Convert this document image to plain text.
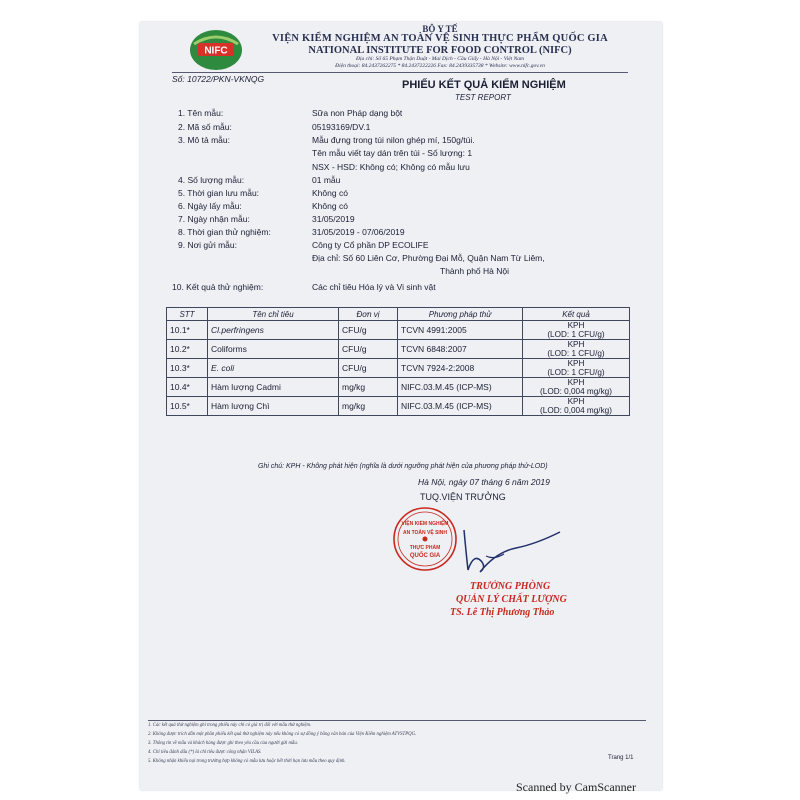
NIFC
BỘ Y TẾ
VIỆN KIỂM NGHIỆM AN TOÀN VỆ SINH THỰC PHẨM QUỐC GIA
NATIONAL INSTITUTE FOR FOOD CONTROL (NIFC)
Địa chỉ: Số 65 Phạm Thận Duật - Mai Dịch - Cầu Giấy - Hà Nội - Việt Nam
Điện thoại: 84.2437262275 * 84.2437222226 Fax: 84.2439335738 * Website: www.nifc.gov.vn
Số: 10722/PKN-VKNQG	PHIẾU KẾT QUẢ KIỂM NGHIỆM
TEST REPORT
1. Tên mẫu:	Sữa non Pháp dạng bột
2. Mã số mẫu:	05193169/DV.1
3. Mô tả mẫu:	Mẫu đựng trong túi nilon ghép mí, 150g/túi.
Tên mẫu viết tay dán trên túi - Số lượng: 1
NSX - HSD: Không có; Không có mẫu lưu
4. Số lượng mẫu:	01 mẫu
5. Thời gian lưu mẫu:	Không có
6. Ngày lấy mẫu:	Không có
7. Ngày nhận mẫu:	31/05/2019
8. Thời gian thử nghiệm:	31/05/2019 - 07/06/2019
9. Nơi gửi mẫu:	Công ty Cổ phần DP ECOLIFE
Địa chỉ: Số 60 Liên Cơ, Phường Đại Mỗ, Quận Nam Từ Liêm,
Thành phố Hà Nội
10. Kết quả thử nghiệm:	Các chỉ tiêu Hóa lý và Vi sinh vật
STT	Tên chỉ tiêu	Đơn vị	Phương pháp thử	Kết quả
10.1*	Cl.perfringens	CFU/g	TCVN 4991:2005	KPH
(LOD: 1 CFU/g)

10.2*	Coliforms	CFU/g	TCVN 6848:2007	KPH
(LOD: 1 CFU/g)

10.3*	E. coli	CFU/g	TCVN 7924-2:2008	KPH
(LOD: 1 CFU/g)

10.4*	Hàm lượng Cadmi	mg/kg	NIFC.03.M.45 (ICP-MS)	KPH
(LOD: 0,004 mg/kg)

10.5*	Hàm lượng Chì	mg/kg	NIFC.03.M.45 (ICP-MS)	KPH
(LOD: 0,004 mg/kg)
Ghi chú: KPH - Không phát hiện (nghĩa là dưới ngưỡng phát hiện của phương pháp thử-LOD)
Hà Nội, ngày 07 tháng 6 năm 2019
TUQ.VIỆN TRƯỞNG
VIỆN KIỂM NGHIỆM
AN TOÀN VỆ SINH
THỰC PHẨM
QUỐC GIA
TRƯỞNG PHÒNG
QUẢN LÝ CHẤT LƯỢNG
TS. Lê Thị Phương Thảo
1. Các kết quả thử nghiệm ghi trong phiếu này chỉ có giá trị đối với mẫu thử nghiệm.
2. Không được trích dẫn một phần phiếu kết quả thử nghiệm này nếu không có sự đồng ý bằng văn bản của Viện Kiểm nghiệm ATVSTPQG.
3. Thông tin về mẫu và khách hàng được ghi theo yêu cầu của người gửi mẫu.
4. Chỉ tiêu đánh dấu (*) là chỉ tiêu được công nhận VILAS.
5. Không nhận khiếu nại trong trường hợp không có mẫu lưu hoặc hết thời hạn lưu mẫu theo quy định.
Trang 1/1
Scanned by CamScanner
